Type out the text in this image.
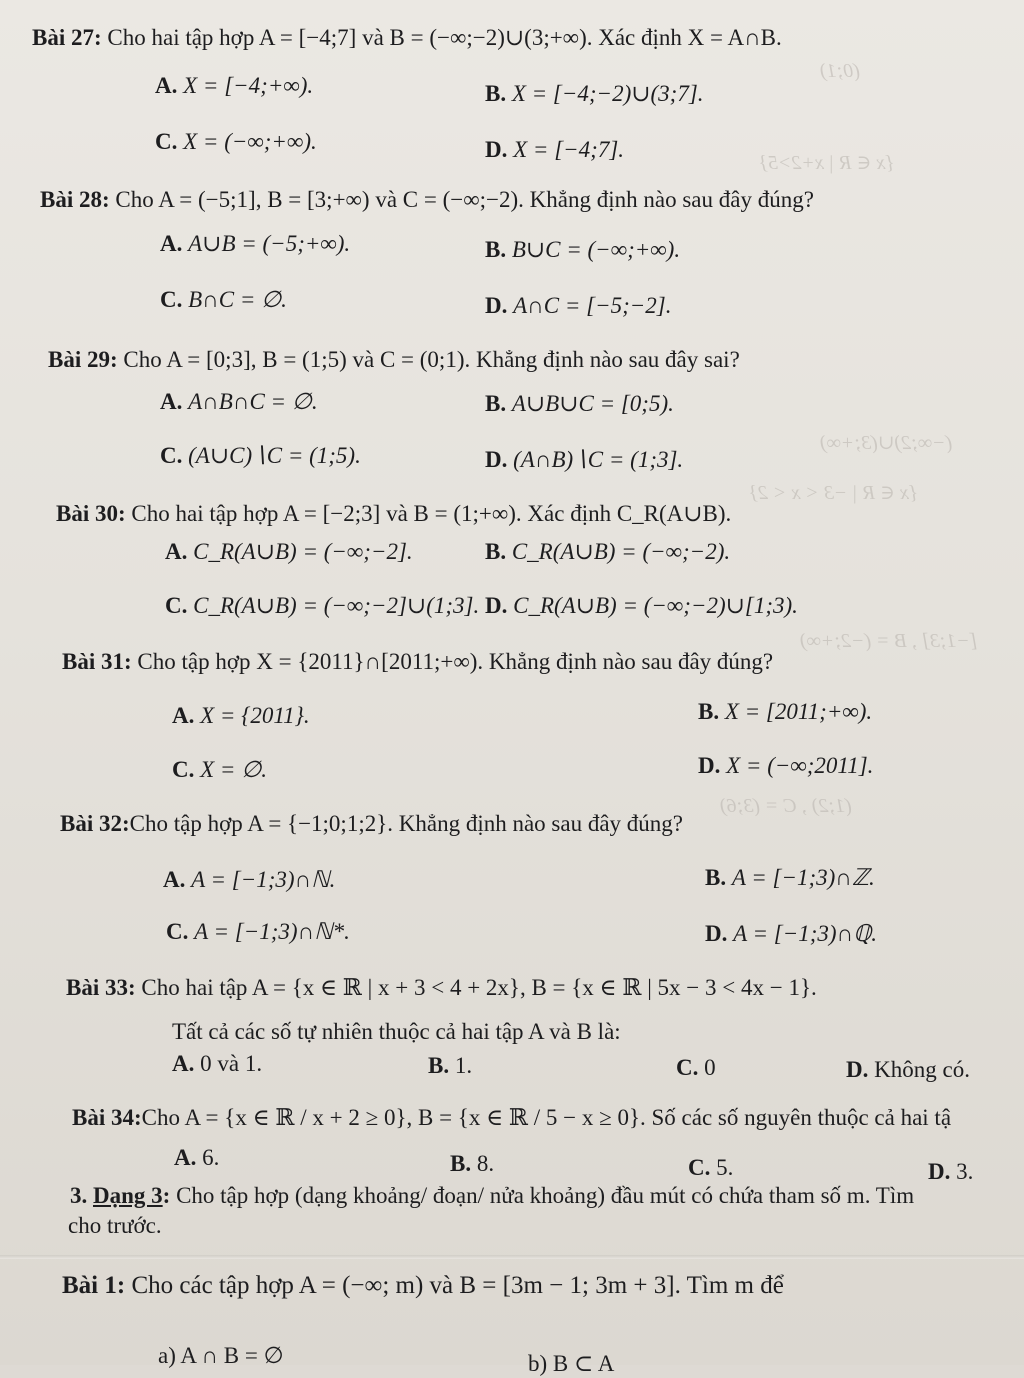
(0;1)
{x ∈ R | x+2>5}
(−∞;2)∪(3;+∞)
{x ∈ R | −3 < x < 2}
[−1;3] , B = (−2;+∞)
(1;2) , C = (3;6)
Bài 27: Cho hai tập hợp A = [−4;7] và B = (−∞;−2)∪(3;+∞). Xác định X = A∩B.
A. X = [−4;+∞).	B. X = [−4;−2)∪(3;7].
C. X = (−∞;+∞).	D. X = [−4;7].
Bài 28: Cho A = (−5;1], B = [3;+∞) và C = (−∞;−2). Khẳng định nào sau đây đúng?
A. A∪B = (−5;+∞).	B. B∪C = (−∞;+∞).
C. B∩C = ∅.	D. A∩C = [−5;−2].
Bài 29: Cho A = [0;3], B = (1;5) và C = (0;1). Khẳng định nào sau đây sai?
A. A∩B∩C = ∅.	B. A∪B∪C = [0;5).
C. (A∪C)∖C = (1;5).	D. (A∩B)∖C = (1;3].
Bài 30: Cho hai tập hợp A = [−2;3] và B = (1;+∞). Xác định C_R(A∪B).
A. C_R(A∪B) = (−∞;−2].	B. C_R(A∪B) = (−∞;−2).
C. C_R(A∪B) = (−∞;−2]∪(1;3]. D. C_R(A∪B) = (−∞;−2)∪[1;3).
Bài 31: Cho tập hợp X = {2011}∩[2011;+∞). Khẳng định nào sau đây đúng?
A. X = {2011}.	B. X = [2011;+∞).
C. X = ∅.	D. X = (−∞;2011].
Bài 32:Cho tập hợp A = {−1;0;1;2}. Khẳng định nào sau đây đúng?
A. A = [−1;3)∩ℕ.	B. A = [−1;3)∩ℤ.
C. A = [−1;3)∩ℕ*.	D. A = [−1;3)∩ℚ.
Bài 33: Cho hai tập A = {x ∈ ℝ | x + 3 < 4 + 2x}, B = {x ∈ ℝ | 5x − 3 < 4x − 1}.
Tất cả các số tự nhiên thuộc cả hai tập A và B là:
A. 0 và 1.	B. 1.	C. 0	D. Không có.
Bài 34:Cho A = {x ∈ ℝ / x + 2 ≥ 0}, B = {x ∈ ℝ / 5 − x ≥ 0}. Số các số nguyên thuộc cả hai tậ
A. 6.	B. 8.	C. 5.	D. 3.
3. Dạng 3: Cho tập hợp (dạng khoảng/ đoạn/ nửa khoảng) đầu mút có chứa tham số m. Tìm
cho trước.
Bài 1: Cho các tập hợp A = (−∞; m) và B = [3m − 1; 3m + 3]. Tìm m để
a) A ∩ B = ∅	b) B ⊂ A
